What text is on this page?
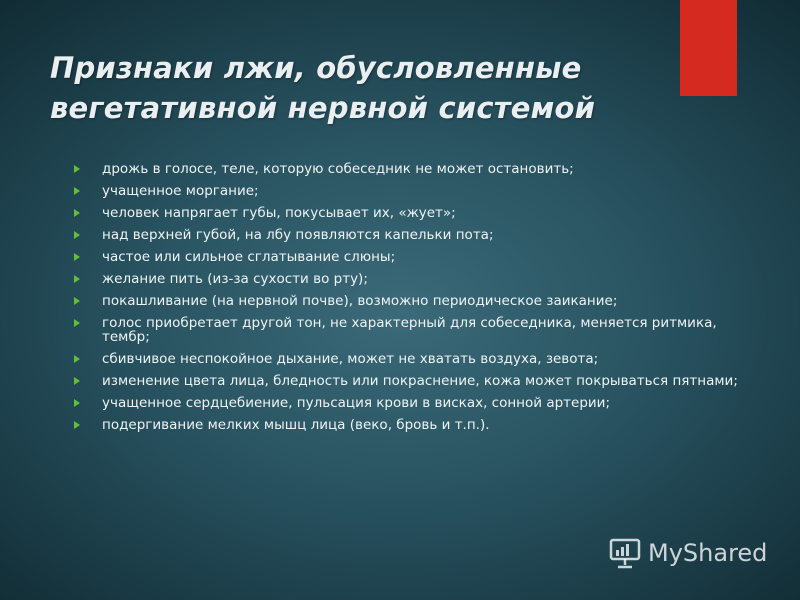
Признаки лжи, обусловленные
вегетативной нервной системой
дрожь в голосе, теле, которую собеседник не может остановить;
учащенное моргание;
человек напрягает губы, покусывает их, «жует»;
над верхней губой, на лбу появляются капельки пота;
частое или сильное сглатывание слюны;
желание пить (из-за сухости во рту);
покашливание (на нервной почве), возможно периодическое заикание;
голос приобретает другой тон, не характерный для собеседника, меняется ритмика, тембр;
сбивчивое неспокойное дыхание, может не хватать воздуха, зевота;
изменение цвета лица, бледность или покраснение, кожа может покрываться пятнами;
учащенное сердцебиение, пульсация крови в висках, сонной артерии;
подергивание мелких мышц лица (веко, бровь и т.п.).
MyShared
